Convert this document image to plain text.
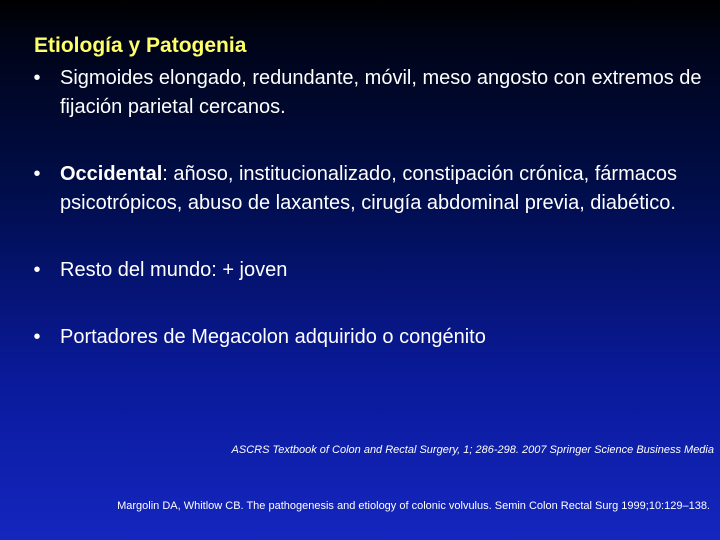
Etiología y Patogenia
• Sigmoides elongado, redundante, móvil, meso angosto con extremos de fijación parietal cercanos.
• Occidental: añoso, institucionalizado, constipación crónica, fármacos psicotrópicos, abuso de laxantes, cirugía abdominal previa, diabético.
• Resto del mundo: + joven
• Portadores de Megacolon adquirido o congénito
ASCRS Textbook of Colon and Rectal Surgery, 1; 286-298. 2007 Springer Science Business Media
Margolin DA, Whitlow CB. The pathogenesis and etiology of colonic volvulus. Semin Colon Rectal Surg 1999;10:129–138.
